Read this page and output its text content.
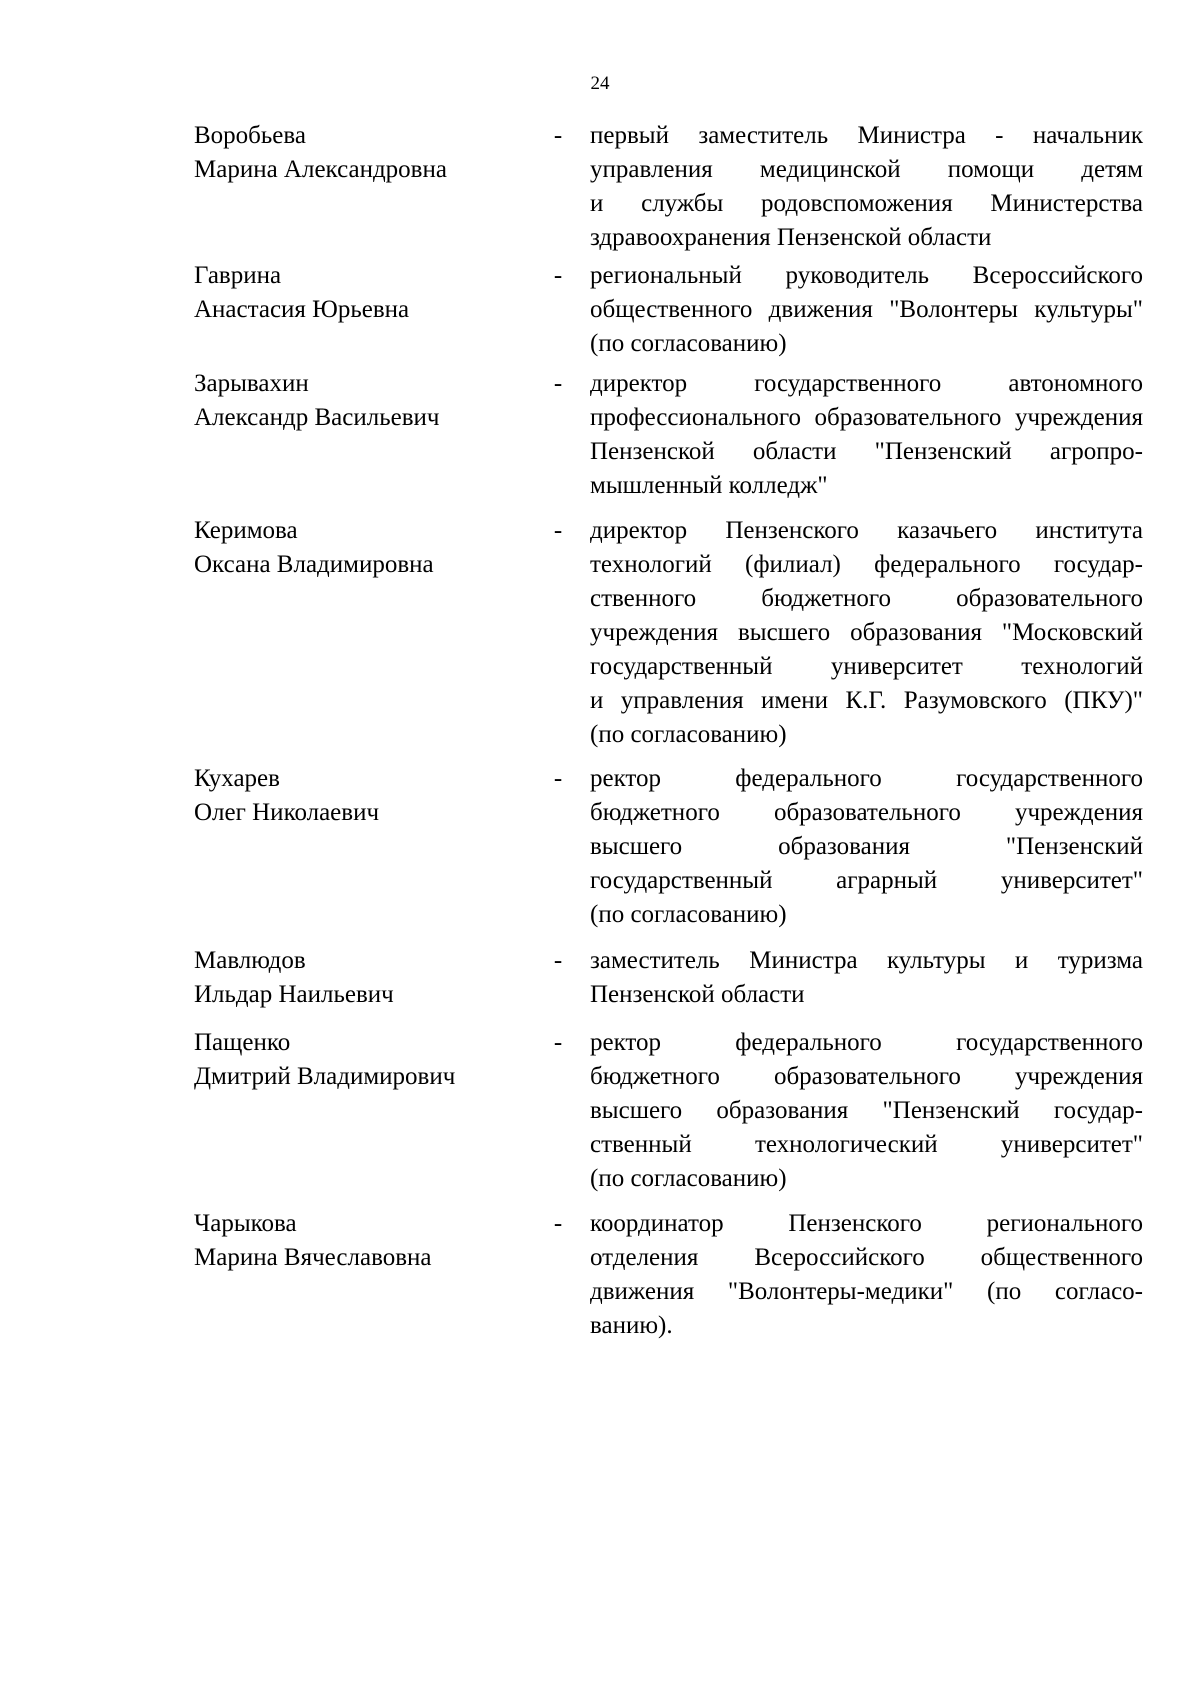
24
Воробьева
Марина Александровна
- первый заместитель Министра - начальник
управления медицинской помощи детям
и службы родовспоможения Министерства
здравоохранения Пензенской области
Гаврина
Анастасия Юрьевна
- региональный руководитель Всероссийского
общественного движения "Волонтеры культуры"
(по согласованию)
Зарывахин
Александр Васильевич
- директор государственного автономного
профессионального образовательного учреждения
Пензенской области "Пензенский агропро-
мышленный колледж"
Керимова
Оксана Владимировна
- директор Пензенского казачьего института
технологий (филиал) федерального государ-
ственного бюджетного образовательного
учреждения высшего образования "Московский
государственный университет технологий
и управления имени К.Г. Разумовского (ПКУ)"
(по согласованию)
Кухарев
Олег Николаевич
- ректор федерального государственного
бюджетного образовательного учреждения
высшего образования "Пензенский
государственный аграрный университет"
(по согласованию)
Мавлюдов
Ильдар Наильевич
- заместитель Министра культуры и туризма
Пензенской области
Пащенко
Дмитрий Владимирович
- ректор федерального государственного
бюджетного образовательного учреждения
высшего образования "Пензенский государ-
ственный технологический университет"
(по согласованию)
Чарыкова
Марина Вячеславовна
- координатор Пензенского регионального
отделения Всероссийского общественного
движения "Волонтеры-медики" (по согласо-
ванию).
